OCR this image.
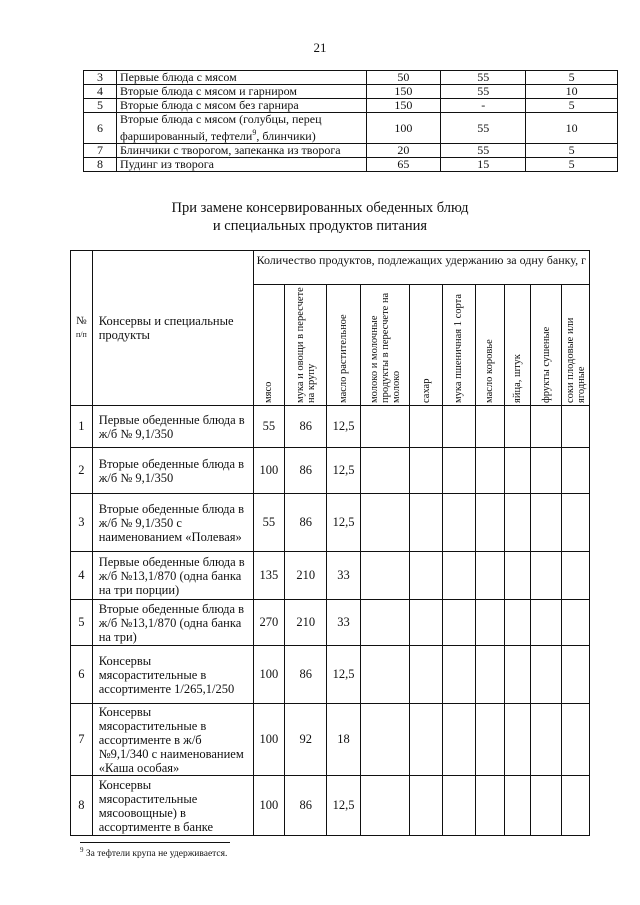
21
3	Первые блюда с мясом	50	55	5
4	Вторые блюда с мясом и гарниром	150	55	10
5	Вторые блюда с мясом без гарнира	150	-	5
6	Вторые блюда с мясом (голубцы, перец фаршированный, тефтели$^9$, блинчики)	100	55	10
7	Блинчики с творогом, запеканка из творога	20	55	5
8	Пудинг из творога	65	15	5
При замене консервированных обеденных блюд
и специальных продуктов питания
№
п/п	Консервы и специальные продукты	Количество продуктов, подлежащих удержанию за одну банку, г									

		мясо	мука и овощи в пересчете на крупу	масло растительное	молоко и молочные продукты в пересчете на молоко	сахар	мука пшеничная 1 сорта	масло коровье	яйца, штук	фрукты сушеные	соки плодовые или ягодные

1	Первые обеденные блюда в ж/б № 9,1/350	55	86	12,5							
2	Вторые обеденные блюда в ж/б № 9,1/350	100	86	12,5							
3	Вторые обеденные блюда в ж/б № 9,1/350 с наименованием «Полевая»	55	86	12,5							
4	Первые обеденные блюда в ж/б №13,1/870 (одна банка на три порции)	135	210	33							
5	Вторые обеденные блюда в ж/б №13,1/870 (одна банка на три)	270	210	33							
6	Консервы мясорастительные в ассортименте 1/265,1/250	100	86	12,5							
7	Консервы мясорастительные в ассортименте в ж/б №9,1/340 с наименованием «Каша особая»	100	92	18							
8	Консервы мясорастительные мясоовощные) в ассортименте в банке	100	86	12,5							
$^9$ За тефтели крупа не удерживается.
